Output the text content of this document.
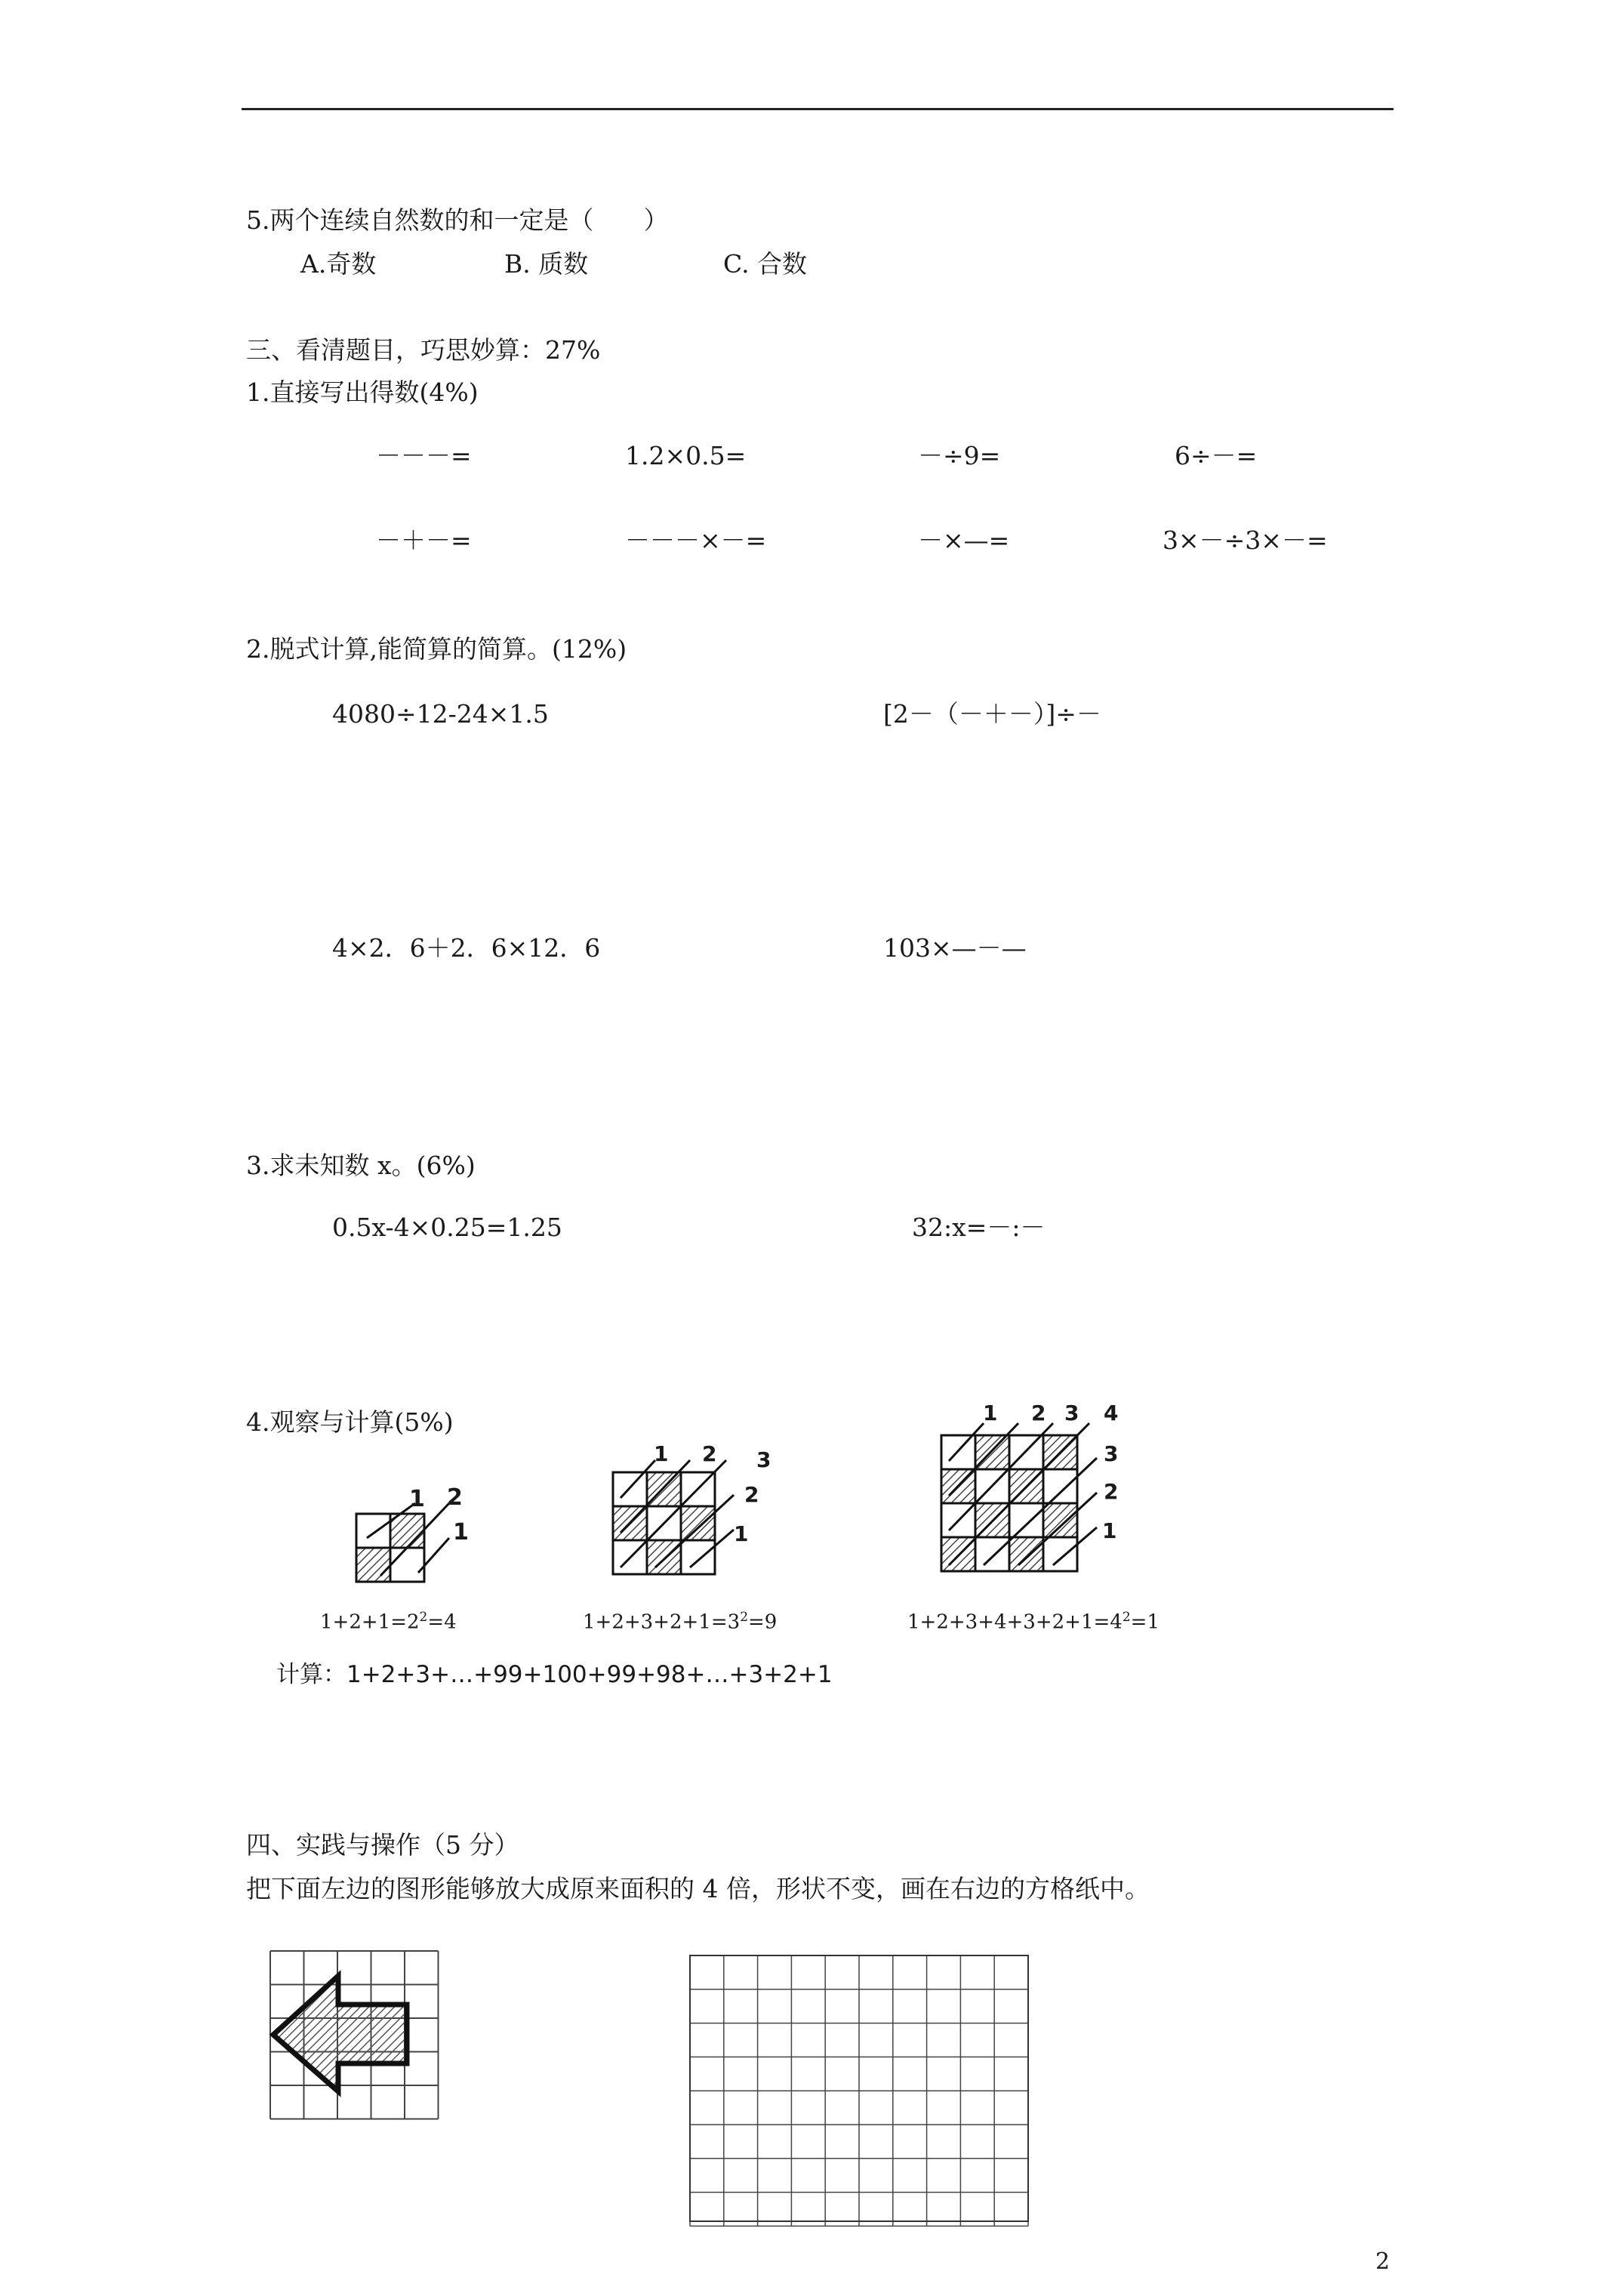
5.两个连续自然数的和一定是（　　）
A.奇数	B. 质数	C. 合数
三、看清题目，巧思妙算：27%
1.直接写出得数(4%)
－－－=	1.2×0.5=	－÷9=	6÷－=
－＋－=	－－－×－=	－×—=	3×－÷3×－=
2.脱式计算,能简算的简算。(12%)
4080÷12-24×1.5	[2－（－＋－）]÷－
4×2．6＋2．6×12．6	103×—－—
3.求未知数 x。(6%)
0.5x-4×0.25=1.25	32:x=－:－
4.观察与计算(5%)
1 2
1
$1+2+1=2^2=4$
1 2 3
2
1
$1+2+3+2+1=3^2=9$
1 2 3 4
3
2
1
$1+2+3+4+3+2+1=4^2=1$
计算：1+2+3+…+99+100+99+98+…+3+2+1
四、实践与操作（5 分）
把下面左边的图形能够放大成原来面积的 4 倍，形状不变，画在右边的方格纸中。
2
